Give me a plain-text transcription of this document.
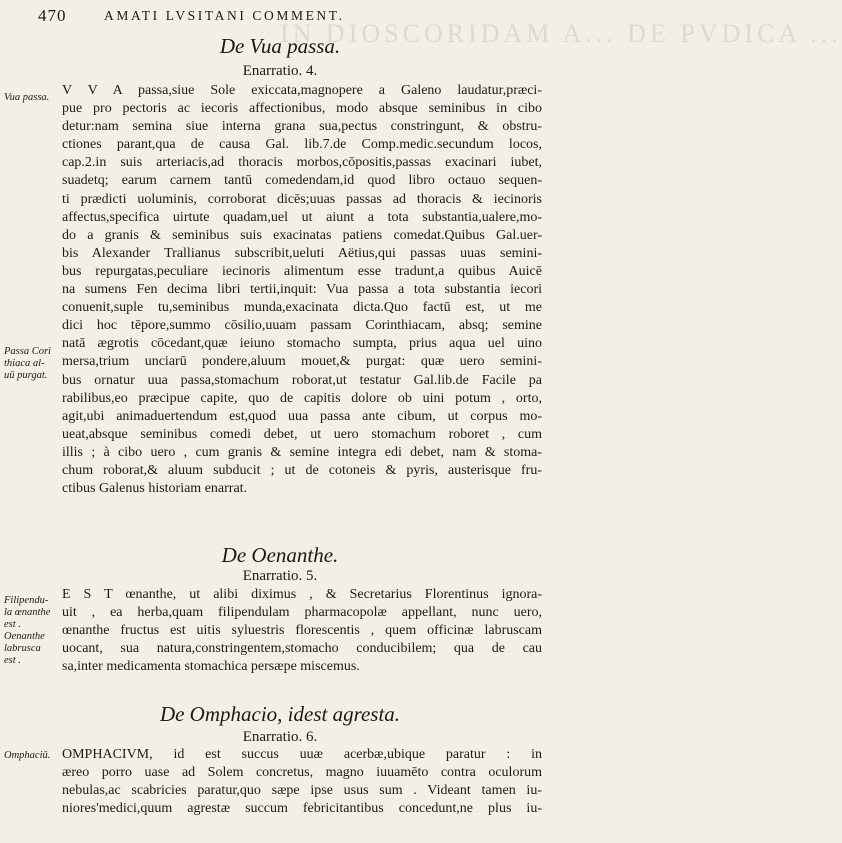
IN DIOSCORIDAM A... DE PVDICA ...
470	AMATI LVSITANI COMMENT.
De Vua passa.
Enarratio. 4.
Vua passa. V V A passa,siue Sole exiccata,magnopere a Galeno laudatur,præci-
pue pro pectoris ac iecoris affectionibus, modo absque seminibus in cibo
detur:nam semina siue interna grana sua,pectus constringunt, & obstru-
ctiones parant,qua de causa Gal. lib.7.de Comp.medic.secundum locos,
cap.2.in suis arteriacis,ad thoracis morbos,cōpositis,passas exacinari iubet,
suadetq; earum carnem tantū comedendam,id quod libro octauo sequen-
ti prædicti uoluminis, corroborat dicēs;uuas passas ad thoracis & iecinoris
affectus,specifica uirtute quadam,uel ut aiunt a tota substantia,ualere,mo-
do a granis & seminibus suis exacinatas patiens comedat.Quibus Gal.uer-
bis Alexander Trallianus subscribit,ueluti Aëtius,qui passas uuas semini-
bus repurgatas,peculiare iecinoris alimentum esse tradunt,a quibus Auicē
na sumens Fen decima libri tertii,inquit: Vua passa a tota substantia iecori
conuenit,suple tu,seminibus munda,exacinata dicta.Quo factū est, ut me
dici hoc tēpore,summo cōsilio,uuam passam Corinthiacam, absq; semine
natā ægrotis cōcedant,quæ ieiuno stomacho sumpta, prius aqua uel uino
mersa,trium unciarū pondere,aluum mouet,& purgat: quæ uero semini-
bus ornatur uua passa,stomachum roborat,ut testatur Gal.lib.de Facile pa
rabilibus,eo præcipue capite, quo de capitis dolore ob uini potum , orto,
agit,ubi animaduertendum est,quod uua passa ante cibum, ut corpus mo-
ueat,absque seminibus comedi debet, ut uero stomachum roboret , cum
illis ; à cibo uero , cum granis & semine integra edi debet, nam & stoma-
chum roborat,& aluum subducit ; ut de cotoneis & pyris, austerisque fru-
ctibus Galenus historiam enarrat.
Passa Cori
thiaca al-
uū purgat.
De Oenanthe.
Enarratio. 5.
Filipendu-
la œnanthe
est .
Oenanthe
labrusca
est .
E S T œnanthe, ut alibi diximus , & Secretarius Florentinus ignora-
uit , ea herba,quam filipendulam pharmacopolæ appellant, nunc uero,
œnanthe fructus est uitis syluestris florescentis , quem officinæ labruscam
uocant, sua natura,constringentem,stomacho conducibilem; qua de cau
sa,inter medicamenta stomachica persæpe miscemus.
De Omphacio, idest agresta.
Enarratio. 6.
Omphaciū. OMPHACIVM, id est succus uuæ acerbæ,ubique paratur : in
æreo porro uase ad Solem concretus, magno iuuamēto contra oculorum
nebulas,ac scabricies paratur,quo sæpe ipse usus sum . Videant tamen iu-
niores'medici,quum agrestæ succum febricitantibus concedunt,ne plus iu-
